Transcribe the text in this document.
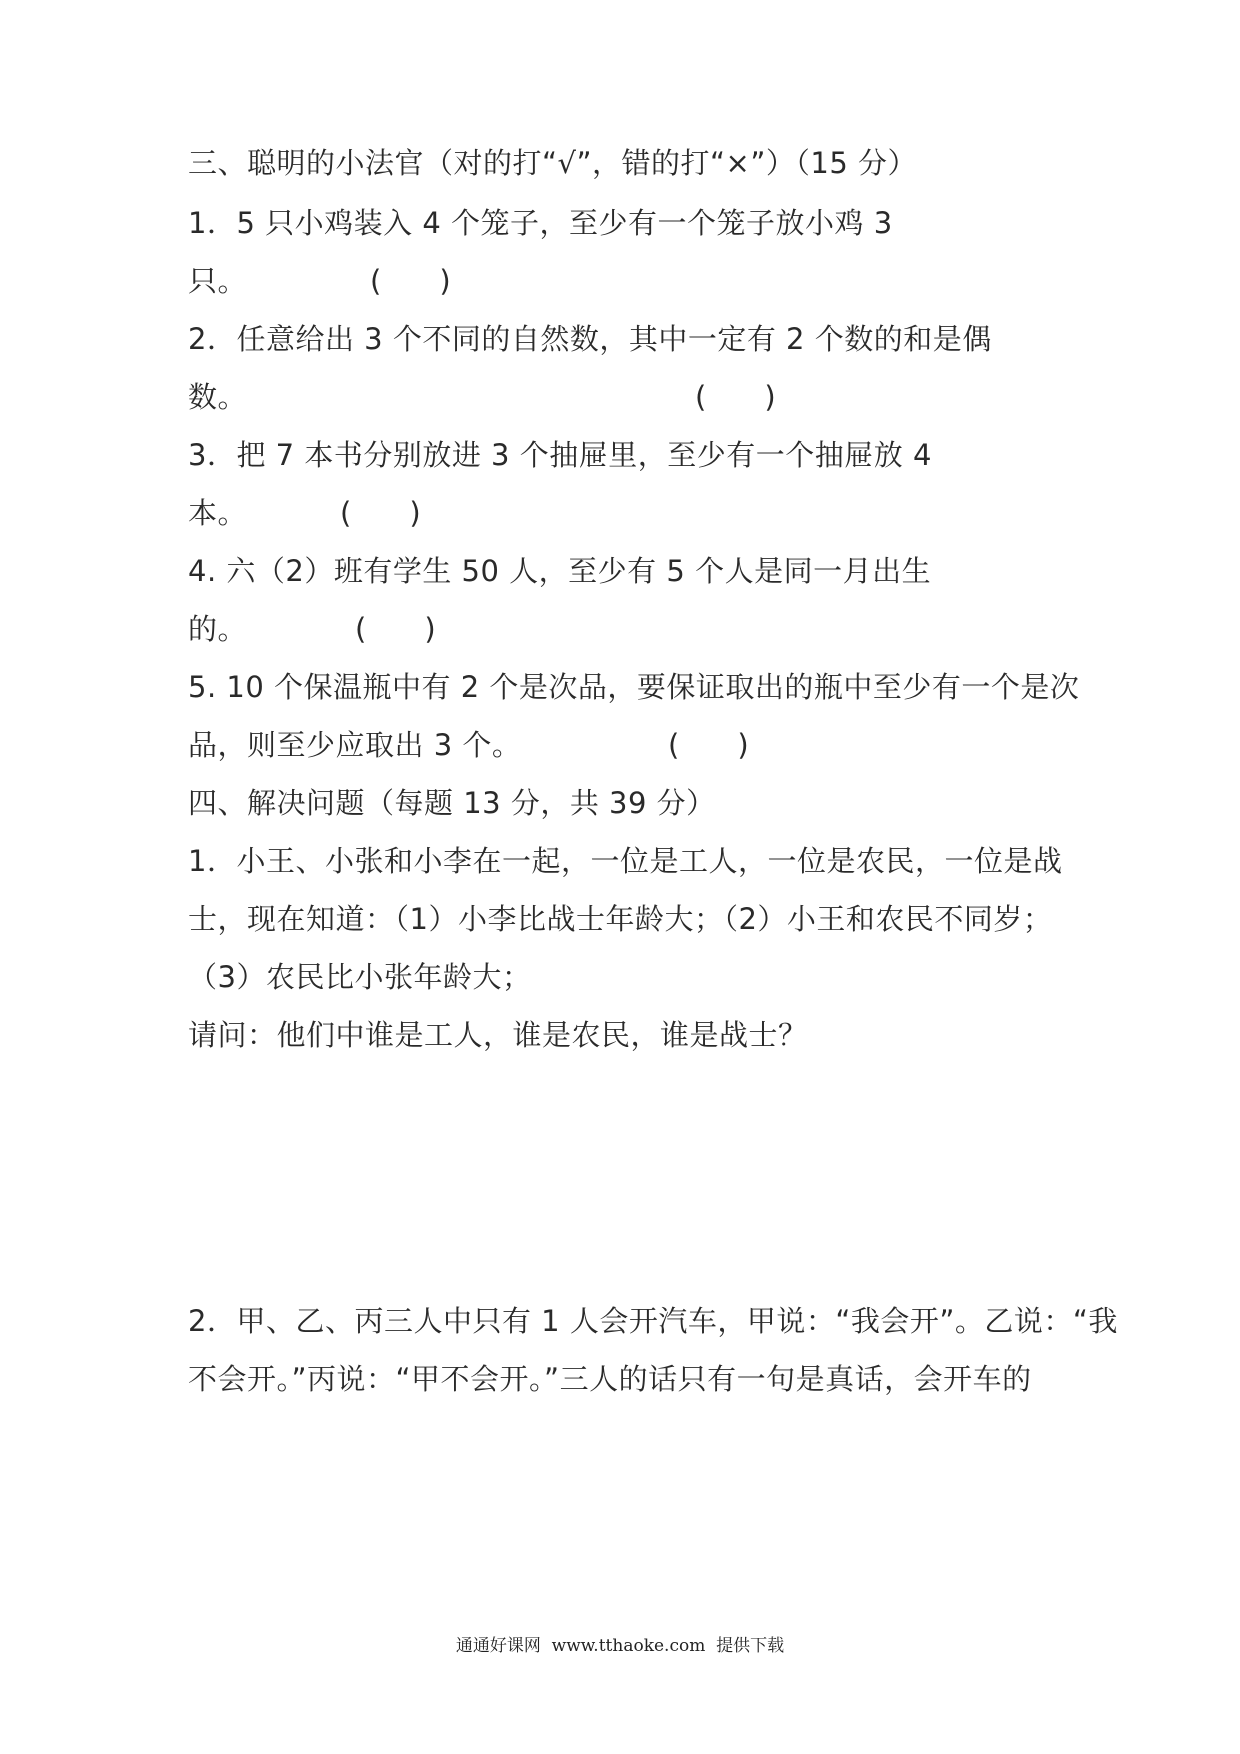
三、聪明的小法官（对的打“√”，错的打“×”）（15 分）
1．5 只小鸡装入 4 个笼子，至少有一个笼子放小鸡 3
只。	(　　)
2．任意给出 3 个不同的自然数，其中一定有 2 个数的和是偶
数。	(　　)
3．把 7 本书分别放进 3 个抽屉里，至少有一个抽屉放 4
本。	(　　)
4. 六（2）班有学生 50 人，至少有 5 个人是同一月出生
的。	(　　)
5. 10 个保温瓶中有 2 个是次品，要保证取出的瓶中至少有一个是次
品，则至少应取出 3 个。	(　　)
四、解决问题（每题 13 分，共 39 分）
1．小王、小张和小李在一起，一位是工人，一位是农民，一位是战
士，现在知道：（1）小李比战士年龄大；（2）小王和农民不同岁；
（3）农民比小张年龄大；
请问：他们中谁是工人，谁是农民，谁是战士？
2．甲、乙、丙三人中只有 1 人会开汽车，甲说：“我会开”。乙说：“我
不会开。”丙说：“甲不会开。”三人的话只有一句是真话，会开车的
通通好课网  www.tthaoke.com  提供下载
